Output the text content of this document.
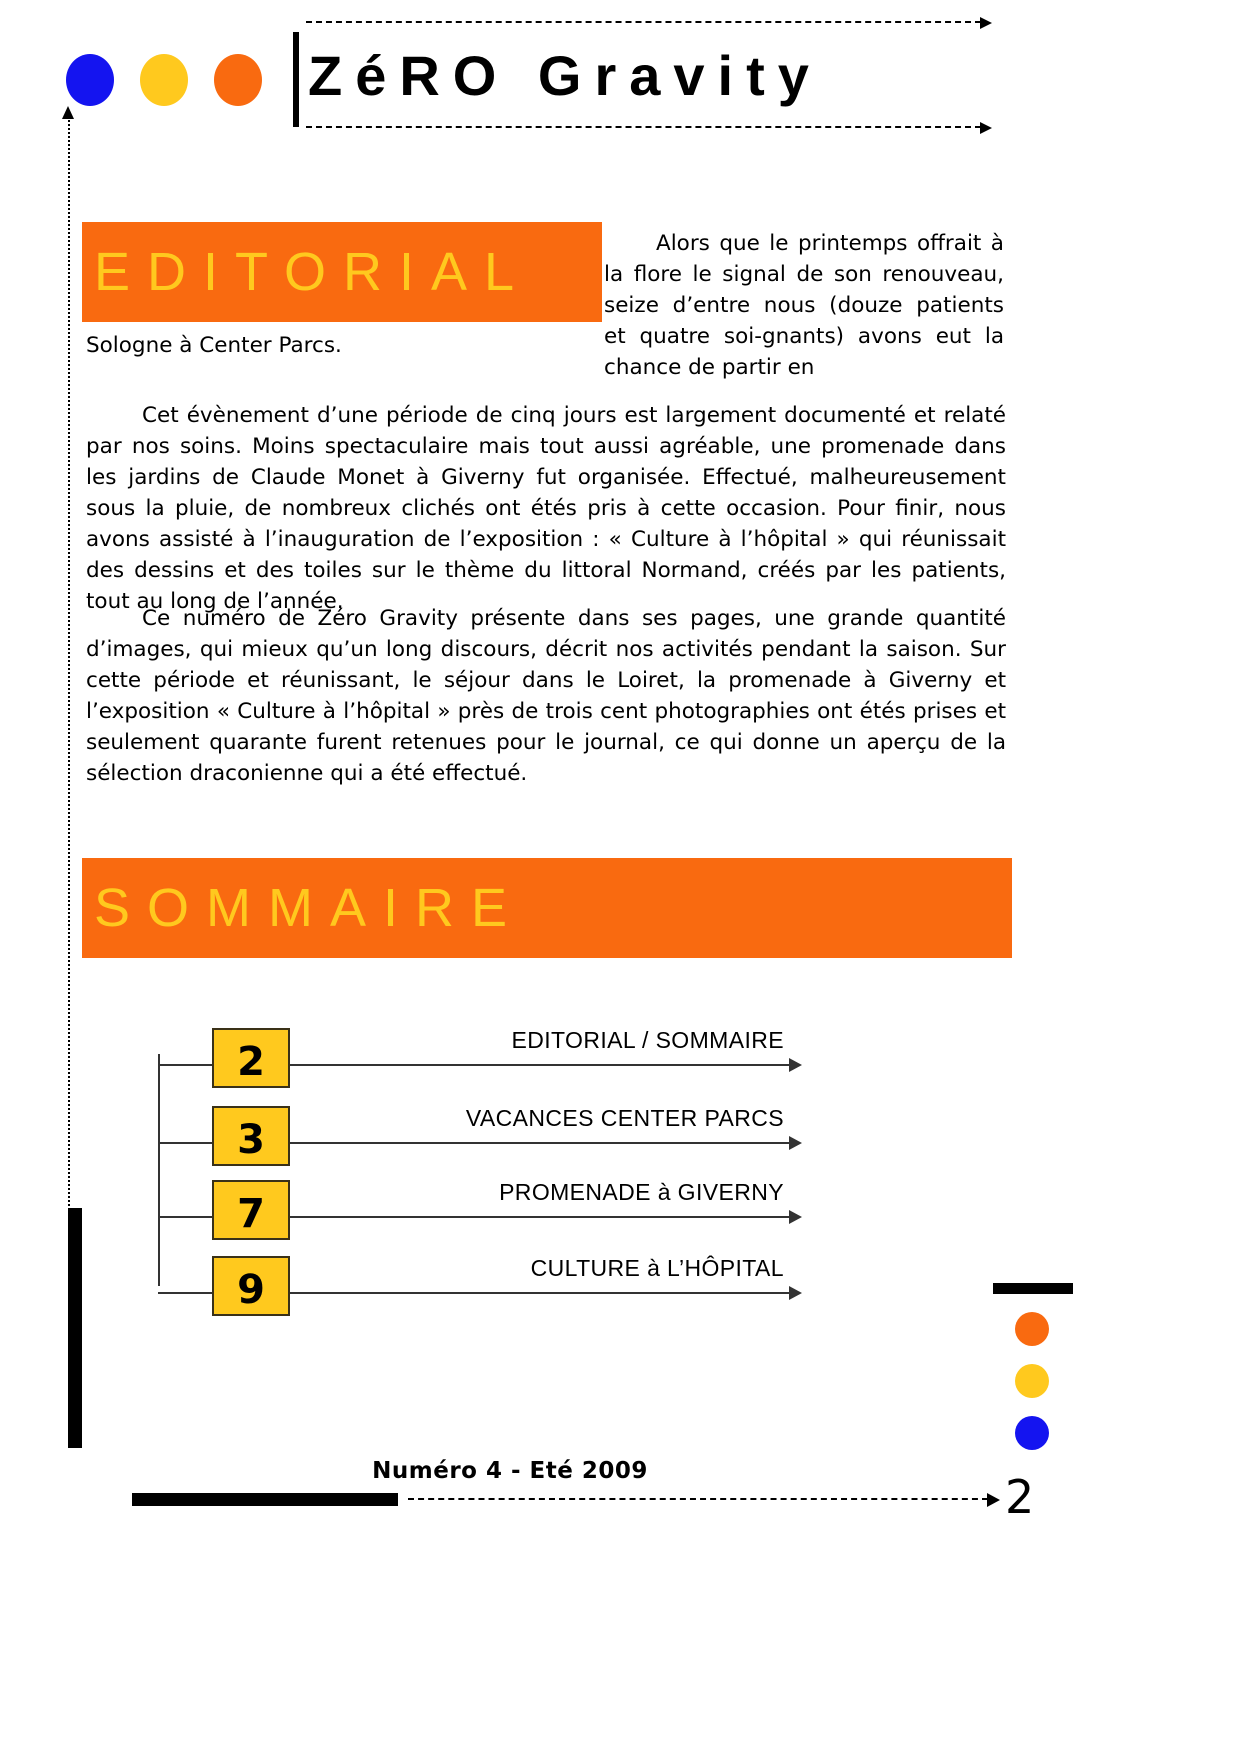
ZéRO Gravity
EDITORIAL	Alors que le printemps offrait à la flore le signal de son renouveau, seize d’entre nous (douze patients et quatre soi-gnants) avons eut la chance de partir en
Sologne à Center Parcs.
Cet évènement d’une période de cinq jours est largement documenté et relaté par nos soins. Moins spectaculaire mais tout aussi agréable, une promenade dans les jardins de Claude Monet à Giverny fut organisée. Effectué, malheureusement sous la pluie, de nombreux clichés ont étés pris à cette occasion. Pour finir, nous avons assisté à l’inauguration de l’exposition : « Culture à l’hôpital » qui réunissait des dessins et des toiles sur le thème du littoral Normand, créés par les patients, tout au long de l’année.
Ce numéro de Zéro Gravity présente dans ses pages, une grande quantité d’images, qui mieux qu’un long discours, décrit nos activités pendant la saison. Sur cette période et réunissant, le séjour dans le Loiret, la promenade à Giverny et l’exposition « Culture à l’hôpital » près de trois cent photographies ont étés prises et seulement quarante furent retenues pour le journal, ce qui donne un aperçu de la sélection draconienne qui a été effectué.
SOMMAIRE
2	EDITORIAL / SOMMAIRE
3	VACANCES CENTER PARCS
7	PROMENADE à GIVERNY
9	CULTURE à L’HÔPITAL
Numéro 4 - Eté 2009	2
